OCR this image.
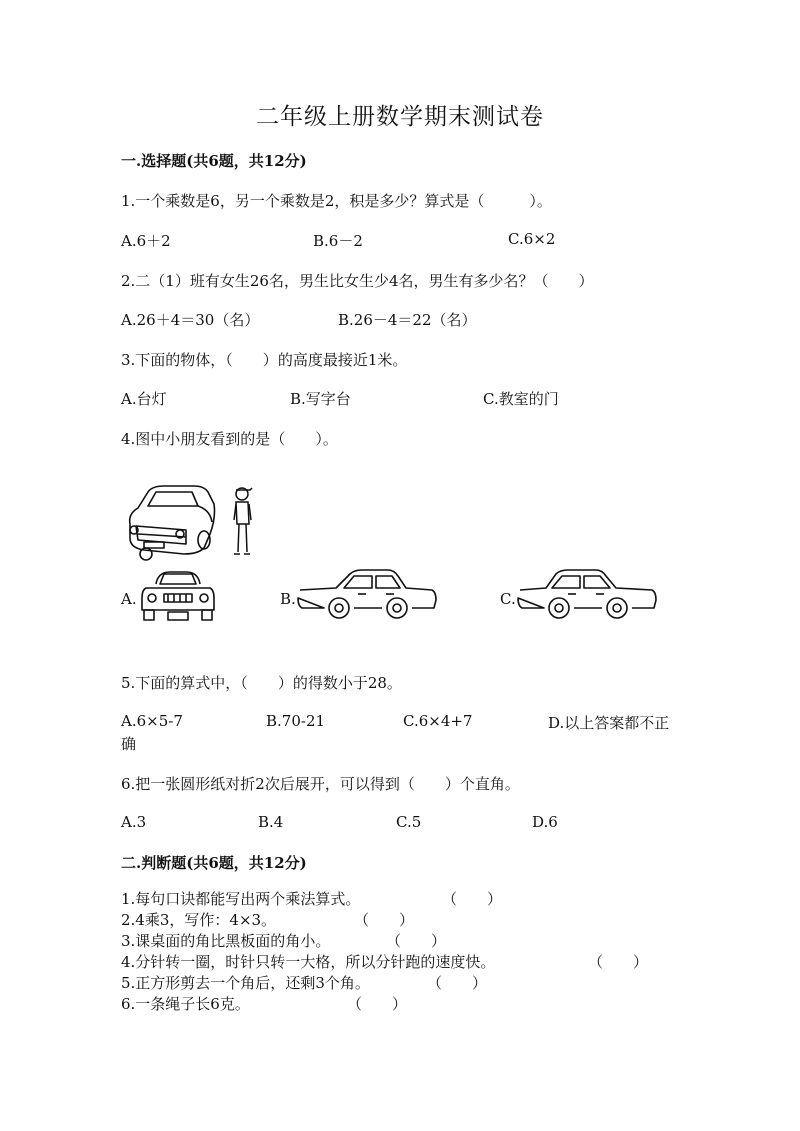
二年级上册数学期末测试卷
一.选择题(共6题，共12分)
1.一个乘数是6，另一个乘数是2，积是多少？算式是（　　　）。
A.6＋2	B.6－2	C.6×2
2.二（1）班有女生26名，男生比女生少4名，男生有多少名？（　　）
A.26＋4＝30（名）	B.26－4＝22（名）
3.下面的物体，（　　）的高度最接近1米。
A.台灯	B.写字台	C.教室的门
4.图中小朋友看到的是（　　）。
A.	B.	C.
5.下面的算式中，（　　）的得数小于28。
A.6×5-7	B.70-21	C.6×4+7	D.以上答案都不正
确
6.把一张圆形纸对折2次后展开，可以得到（　　）个直角。
A.3	B.4	C.5	D.6
二.判断题(共6题，共12分)
1.每句口诀都能写出两个乘法算式。	（　　）
2.4乘3，写作：4×3。	（　　）
3.课桌面的角比黑板面的角小。	（　　）
4.分针转一圈，时针只转一大格，所以分针跑的速度快。	（　　）
5.正方形剪去一个角后，还剩3个角。	（　　）
6.一条绳子长6克。	（　　）
